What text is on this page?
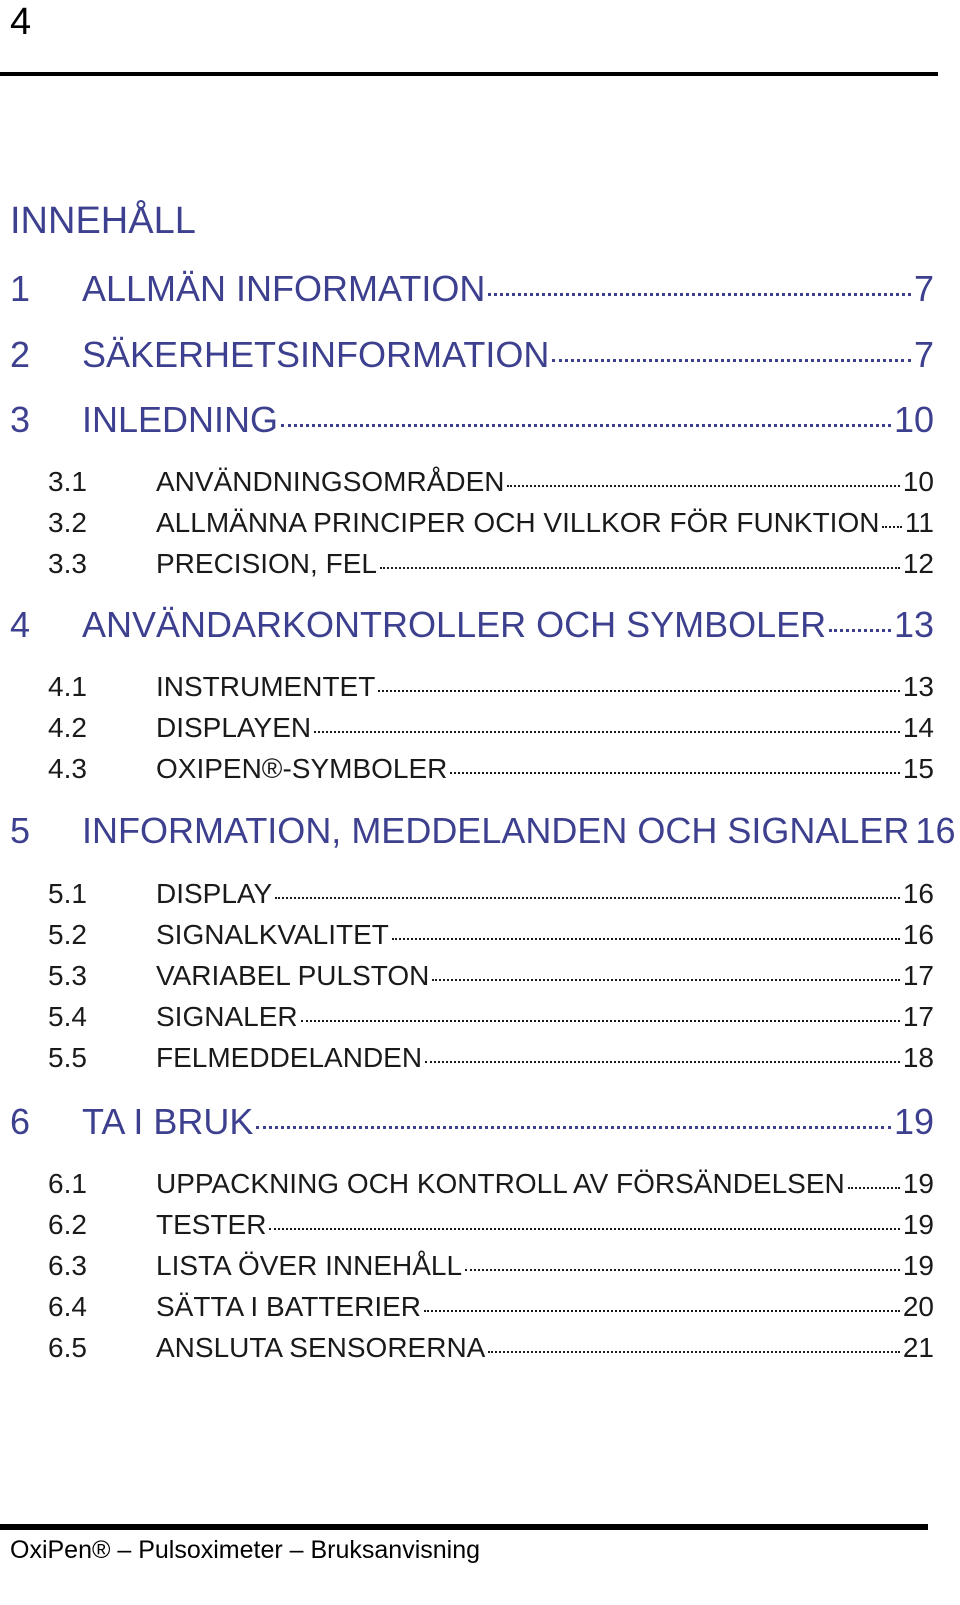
4
INNEHÅLL
1	ALLMÄN INFORMATION	7
2	SÄKERHETSINFORMATION	7
3	INLEDNING	10
3.1	ANVÄNDNINGSOMRÅDEN	10
3.2	ALLMÄNNA PRINCIPER OCH VILLKOR FÖR FUNKTION 11
3.3	PRECISION, FEL	12
4	ANVÄNDARKONTROLLER OCH SYMBOLER 13
4.1	INSTRUMENTET	13
4.2	DISPLAYEN	14
4.3	OXIPEN®-SYMBOLER	15
5	INFORMATION, MEDDELANDEN OCH SIGNALER 16
5.1	DISPLAY	16
5.2	SIGNALKVALITET	16
5.3	VARIABEL PULSTON	17
5.4	SIGNALER	17
5.5	FELMEDDELANDEN	18
6	TA I BRUK	19
6.1	UPPACKNING OCH KONTROLL AV FÖRSÄNDELSEN 19
6.2	TESTER	19
6.3	LISTA ÖVER INNEHÅLL	19
6.4	SÄTTA I BATTERIER	20
6.5	ANSLUTA SENSORERNA	21
OxiPen® – Pulsoximeter – Bruksanvisning
